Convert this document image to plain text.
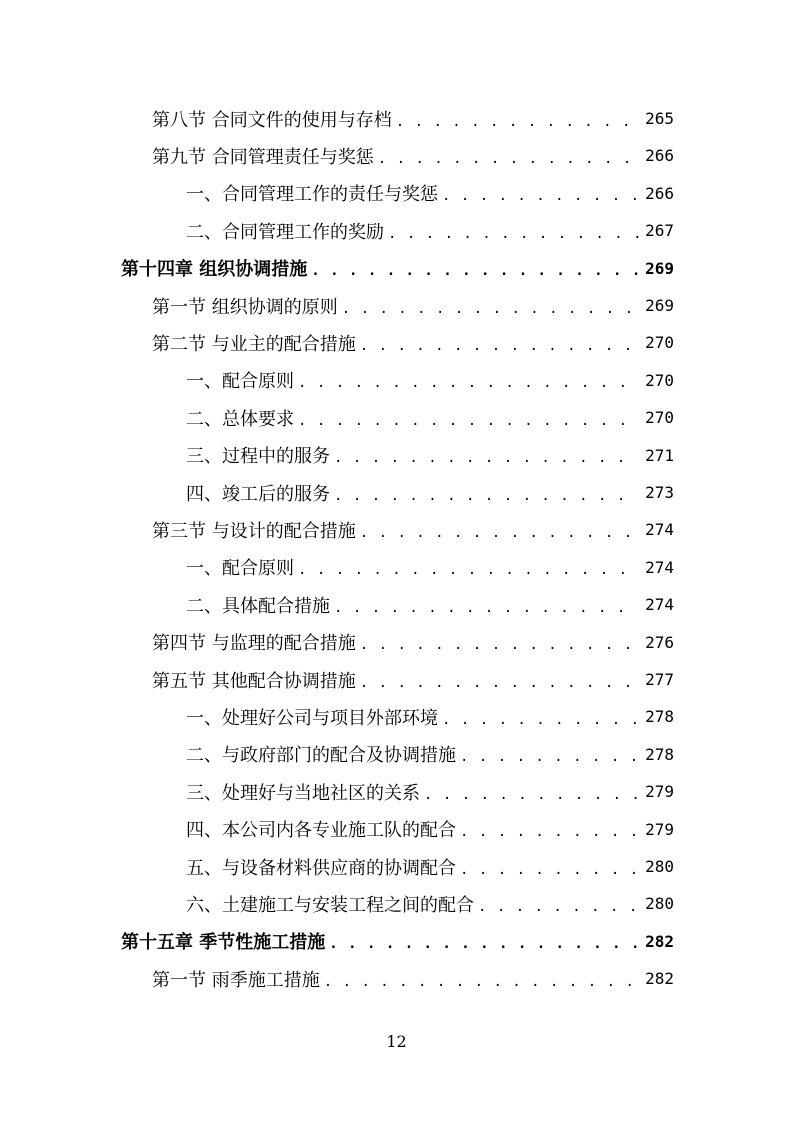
第八节 合同文件的使用与存档 . . .	265
第九节 合同管理责任与奖惩 . . .	266
一、合同管理工作的责任与奖惩 . . .	266
二、合同管理工作的奖励 . . .	267
第十四章 组织协调措施 . . .	269
第一节 组织协调的原则 . . .	269
第二节 与业主的配合措施 . . .	270
一、配合原则 . . .	270
二、总体要求 . . .	270
三、过程中的服务 . . .	271
四、竣工后的服务 . . .	273
第三节 与设计的配合措施 . . .	274
一、配合原则 . . .	274
二、具体配合措施 . . .	274
第四节 与监理的配合措施 . . .	276
第五节 其他配合协调措施 . . .	277
一、处理好公司与项目外部环境 . . .	278
二、与政府部门的配合及协调措施 . . .	278
三、处理好与当地社区的关系 . . .	279
四、本公司内各专业施工队的配合 . . .	279
五、与设备材料供应商的协调配合 . . .	280
六、土建施工与安装工程之间的配合 . . .	280
第十五章 季节性施工措施 . . .	282
第一节 雨季施工措施 . . .	282
12
